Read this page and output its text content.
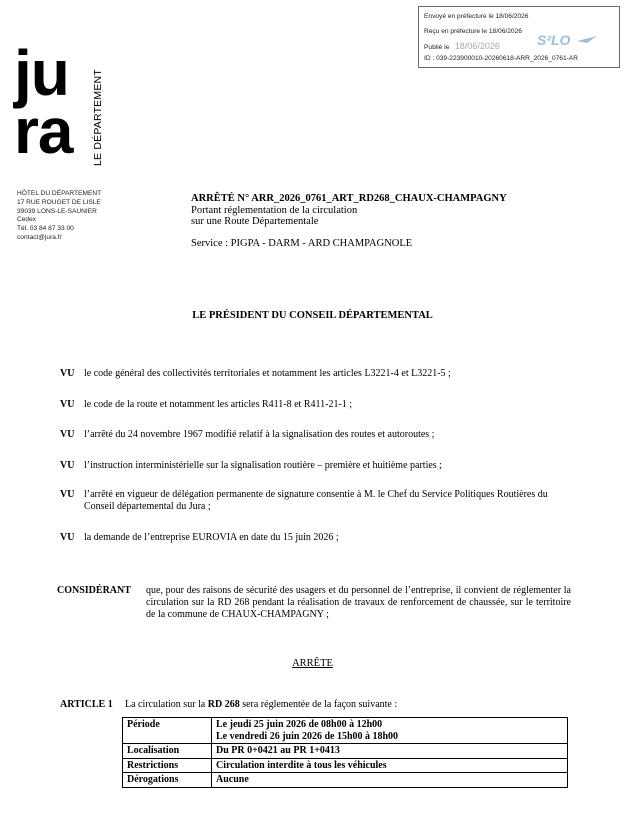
Envoyé en préfecture le 18/06/2026
Reçu en préfecture le 18/06/2026
Publié le 18/06/2026
ID : 039-223900010-20260618-ARR_2026_0761-AR
S²LO
ju
ra LE DÉPARTEMENT
HÔTEL DU DÉPARTEMENT
17 RUE ROUGET DE LISLE
39039 LONS-LE-SAUNIER
Cedex
Tél. 03 84 87 33 00
contact@jura.fr
ARRÊTÉ N° ARR_2026_0761_ART_RD268_CHAUX-CHAMPAGNY
Portant réglementation de la circulation
sur une Route Départementale
Service : PIGPA - DARM - ARD CHAMPAGNOLE
LE PRÉSIDENT DU CONSEIL DÉPARTEMENTAL
VU le code général des collectivités territoriales et notamment les articles L3221-4 et L3221-5 ;
VU le code de la route et notamment les articles R411-8 et R411-21-1 ;
VU l’arrêté du 24 novembre 1967 modifié relatif à la signalisation des routes et autoroutes ;
VU l’instruction interministérielle sur la signalisation routière – première et huitième parties ;
VU l’arrêté en vigueur de délégation permanente de signature consentie à M. le Chef du Service Politiques Routières du Conseil départemental du Jura ;
VU la demande de l’entreprise EUROVIA en date du 15 juin 2026 ;
CONSIDÉRANT que, pour des raisons de sécurité des usagers et du personnel de l’entreprise, il convient de réglementer la circulation sur la RD 268 pendant la réalisation de travaux de renforcement de chaussée, sur le territoire de la commune de CHAUX-CHAMPAGNY ;
ARRÊTE
ARTICLE 1 La circulation sur la RD 268 sera réglementée de la façon suivante :
Période	Le jeudi 25 juin 2026 de 08h00 à 12h00
Le vendredi 26 juin 2026 de 15h00 à 18h00

Localisation	Du PR 0+0421 au PR 1+0413
Restrictions	Circulation interdite à tous les véhicules
Dérogations	Aucune
